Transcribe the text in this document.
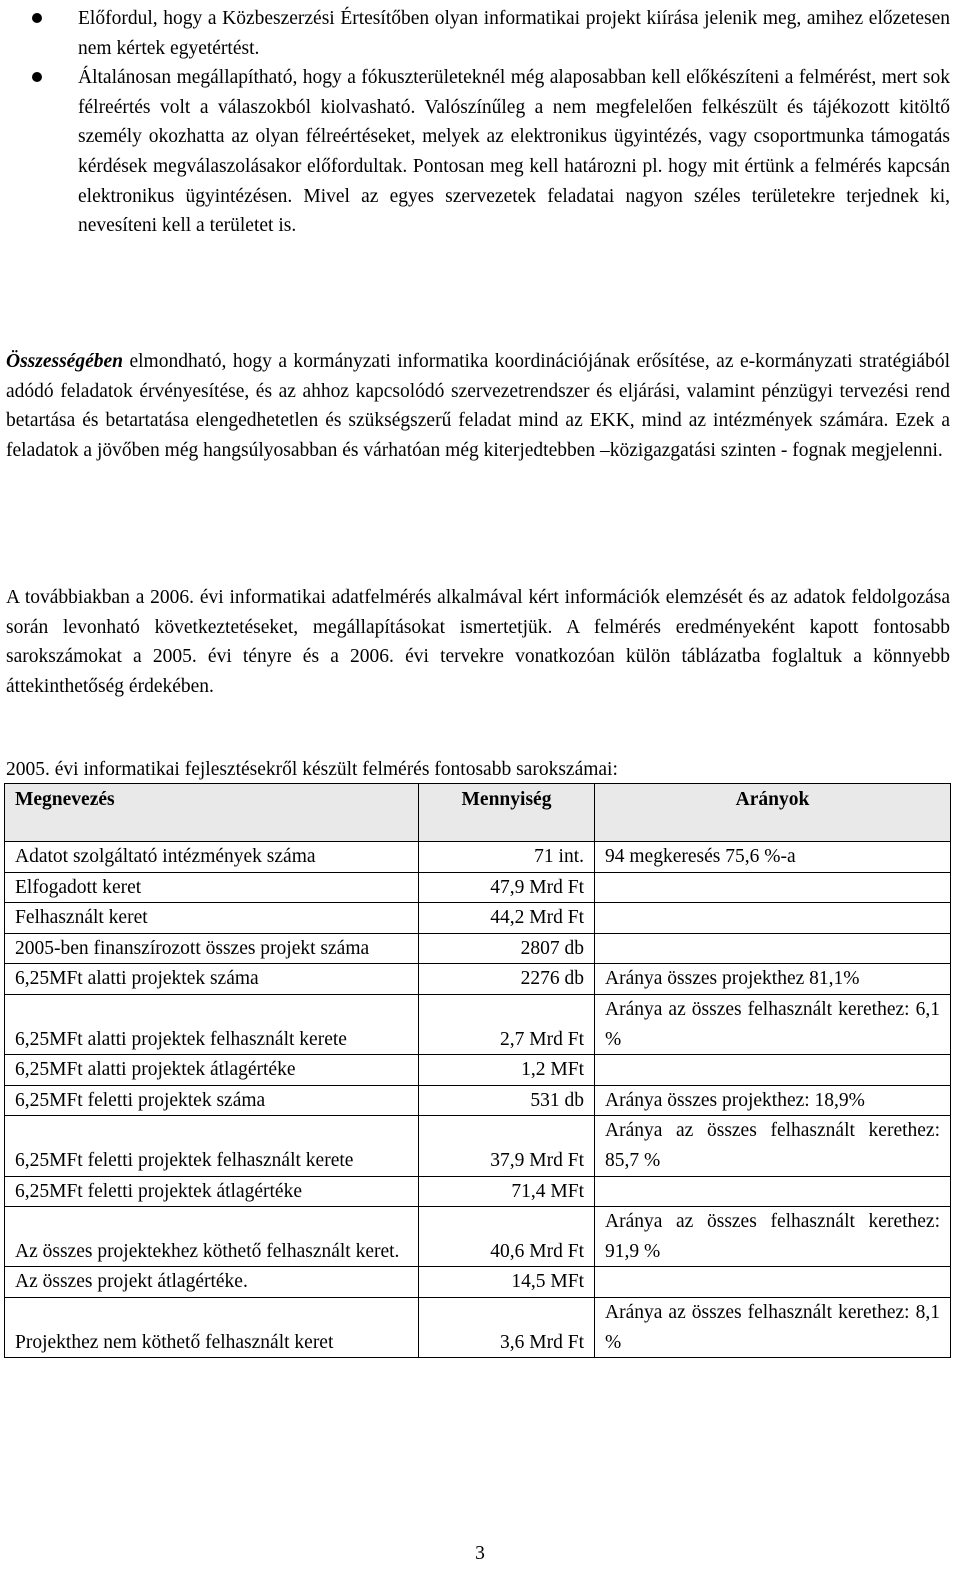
Előfordul, hogy a Közbeszerzési Értesítőben olyan informatikai projekt kiírása jelenik meg, amihez előzetesen nem kértek egyetértést.
Általánosan megállapítható, hogy a fókuszterületeknél még alaposabban kell előkészíteni a felmérést, mert sok félreértés volt a válaszokból kiolvasható. Valószínűleg a nem megfelelően felkészült és tájékozott kitöltő személy okozhatta az olyan félreértéseket, melyek az elektronikus ügyintézés, vagy csoportmunka támogatás kérdések megválaszolásakor előfordultak. Pontosan meg kell határozni pl. hogy mit értünk a felmérés kapcsán elektronikus ügyintézésen. Mivel az egyes szervezetek feladatai nagyon széles területekre terjednek ki, nevesíteni kell a területet is.

Összességében elmondható, hogy a kormányzati informatika koordinációjának erősítése, az e-kormányzati stratégiából adódó feladatok érvényesítése, és az ahhoz kapcsolódó szervezetrendszer és eljárási, valamint pénzügyi tervezési rend betartása és betartatása elengedhetetlen és szükségszerű feladat mind az EKK, mind az intézmények számára. Ezek a feladatok a jövőben még hangsúlyosabban és várhatóan még kiterjedtebben –közigazgatási szinten - fognak megjelenni.

A továbbiakban a 2006. évi informatikai adatfelmérés alkalmával kért információk elemzését és az adatok feldolgozása során levonható következtetéseket, megállapításokat ismertetjük. A felmérés eredményeként kapott fontosabb sarokszámokat a 2005. évi tényre és a 2006. évi tervekre vonatkozóan külön táblázatba foglaltuk a könnyebb áttekinthetőség érdekében.

2005. évi informatikai fejlesztésekről készült felmérés fontosabb sarokszámai:

Megnevezés	Mennyiség	Arányok
Adatot szolgáltató intézmények száma	71 int.	94 megkeresés 75,6 %-a
Elfogadott keret	47,9 Mrd Ft	
Felhasznált keret	44,2 Mrd Ft	
2005-ben finanszírozott összes projekt száma	2807 db	
6,25MFt alatti projektek száma	2276 db	Aránya összes projekthez 81,1%
6,25MFt alatti projektek felhasznált kerete	2,7 Mrd Ft	Aránya az összes felhasznált kerethez: 6,1 %
6,25MFt alatti projektek átlagértéke	1,2 MFt	
6,25MFt feletti projektek száma	531 db	Aránya összes projekthez: 18,9%
6,25MFt feletti projektek felhasznált kerete	37,9 Mrd Ft	Aránya az összes felhasznált kerethez: 85,7 %
6,25MFt feletti projektek átlagértéke	71,4 MFt	
Az összes projektekhez köthető felhasznált keret.	40,6 Mrd Ft	Aránya az összes felhasznált kerethez: 91,9 %
Az összes projekt átlagértéke.	14,5 MFt	
Projekthez nem köthető felhasznált keret	3,6 Mrd Ft	Aránya az összes felhasznált kerethez: 8,1 %
3
